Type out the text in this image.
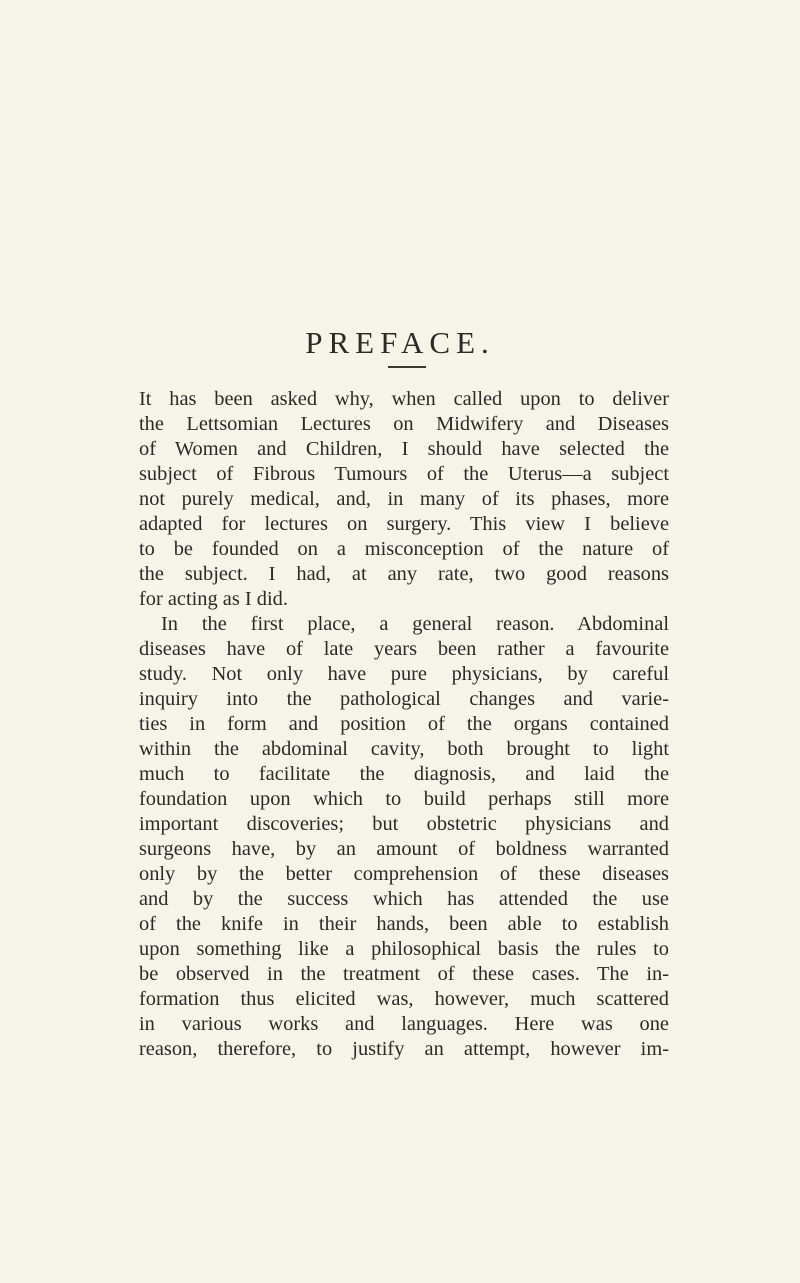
PREFACE.
It has been asked why, when called upon to deliver
the Lettsomian Lectures on Midwifery and Diseases
of Women and Children, I should have selected the
subject of Fibrous Tumours of the Uterus—a subject
not purely medical, and, in many of its phases, more
adapted for lectures on surgery. This view I believe
to be founded on a misconception of the nature of
the subject. I had, at any rate, two good reasons
for acting as I did.
In the first place, a general reason. Abdominal
diseases have of late years been rather a favourite
study. Not only have pure physicians, by careful
inquiry into the pathological changes and varie-
ties in form and position of the organs contained
within the abdominal cavity, both brought to light
much to facilitate the diagnosis, and laid the
foundation upon which to build perhaps still more
important discoveries; but obstetric physicians and
surgeons have, by an amount of boldness warranted
only by the better comprehension of these diseases
and by the success which has attended the use
of the knife in their hands, been able to establish
upon something like a philosophical basis the rules to
be observed in the treatment of these cases. The in-
formation thus elicited was, however, much scattered
in various works and languages. Here was one
reason, therefore, to justify an attempt, however im-
